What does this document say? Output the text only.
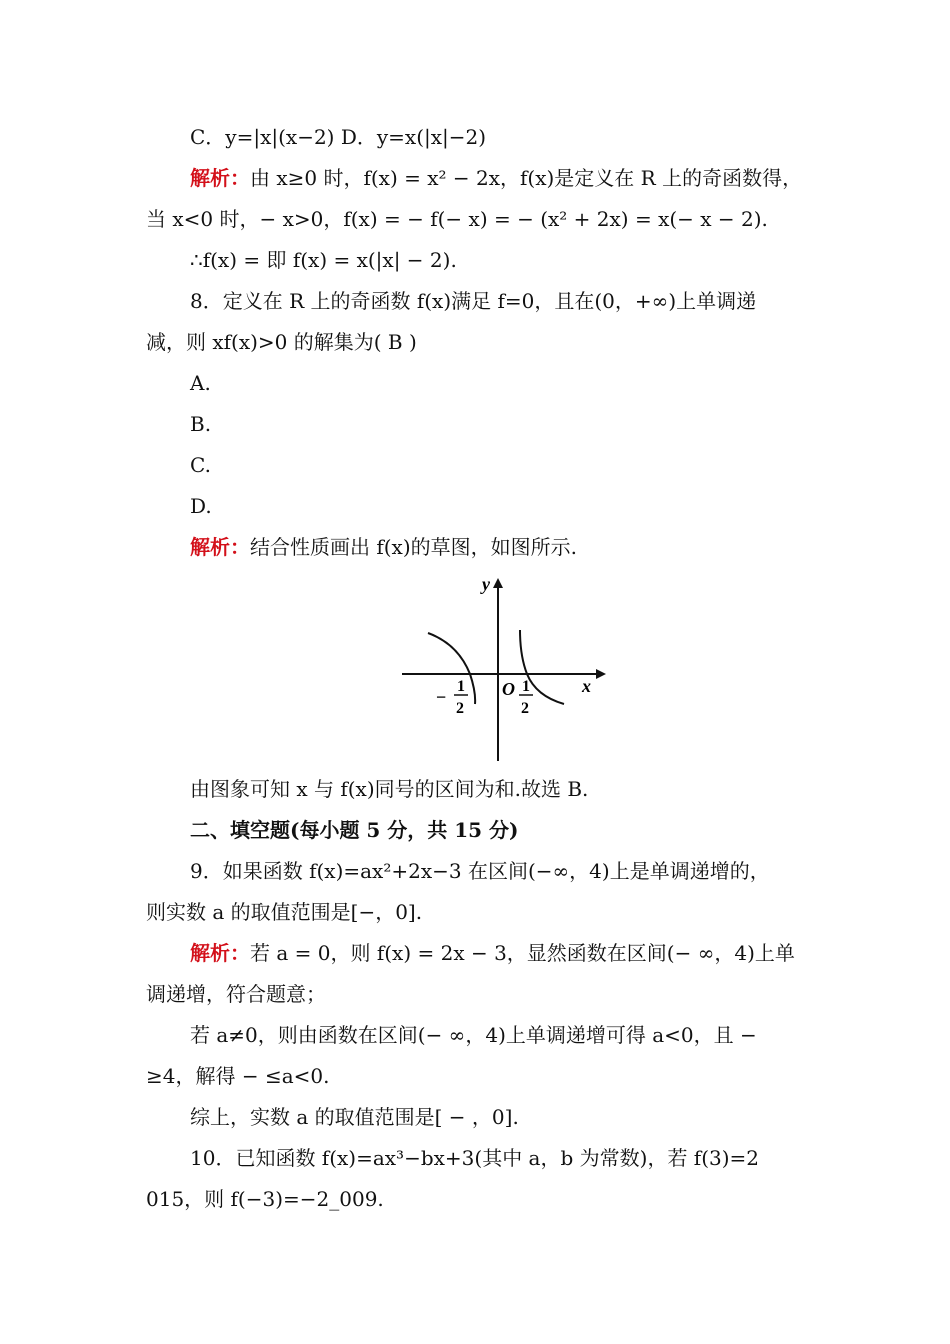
C．y=|x|(x−2) D．y=x(|x|−2)
解析：由 x≥0 时，f(x) = x² − 2x，f(x)是定义在 R 上的奇函数得，
当 x<0 时，− x>0，f(x) = − f(− x) = − (x² + 2x) = x(− x − 2).
∴f(x) = 即 f(x) = x(|x| − 2).
8．定义在 R 上的奇函数 f(x)满足 f=0，且在(0，+∞)上单调递
减，则 xf(x)>0 的解集为( B )
A.
B.
C.
D.
解析：结合性质画出 f(x)的草图，如图所示.
y
x
O
−
1
2
1
2
由图象可知 x 与 f(x)同号的区间为和.故选 B.
二、填空题(每小题 5 分，共 15 分)
9．如果函数 f(x)=ax²+2x−3 在区间(−∞，4)上是单调递增的，
则实数 a 的取值范围是[−，0].
解析：若 a = 0，则 f(x) = 2x − 3，显然函数在区间(− ∞，4)上单
调递增，符合题意；
若 a≠0，则由函数在区间(− ∞，4)上单调递增可得 a<0，且 −
≥4，解得 − ≤a<0.
综上，实数 a 的取值范围是[ − ，0].
10．已知函数 f(x)=ax³−bx+3(其中 a，b 为常数)，若 f(3)=2
015，则 f(−3)=−2_009.
